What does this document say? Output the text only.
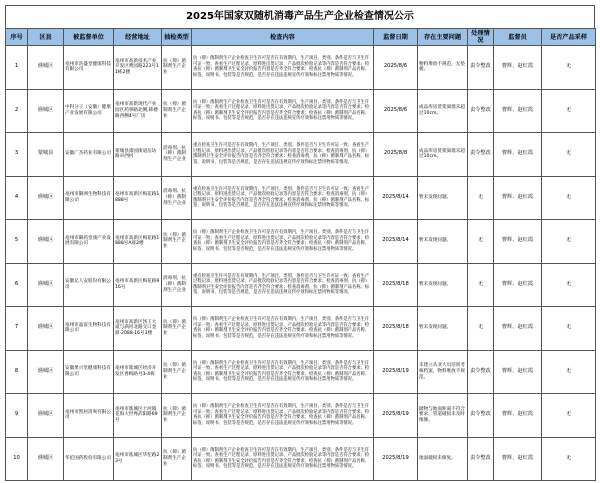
2025年国家双随机消毒产品生产企业检查情况公示
序号	区县	被监督单位	经营地址	抽检类型	检查内容	监督日期	存在主要问题	处理情况	监督员	是否产品采样
1	谯城区	亳州市浩盛堂健康科技有限公司	亳州市高新技术产业开发区曹园路223号11栋2楼	抗（抑）菌制剂生产企业	抗（抑）菌制剂生产企业检查卫生许可是否在有效期内，生产项目、类别、条件是否与卫生许可证一致；查看生产过程记录、原料进出货记录、产品批次检验记录等内容是否符合要求；检查抗（抑）菌制剂卫生安全评价报告内容是否齐全符合要求；检查抗（抑）菌制剂产品名称、标签、说明书、包装等是否规范，是否存在违法违规宣传疗效和标注禁用物质等情况。	2025/8/6	物料堆放不规范，无垫板。	责令整改	曹辉、赵红霞	无
2	谯城区	中科分子（安徽）健康产业发展有限公司	亳州市高新现代产业园区药事路北侧,韩楼路西侧4号厂房	抗（抑）菌制剂生产企业	抗（抑）菌制剂生产企业检查卫生许可是否在有效期内，生产项目、类别、条件是否与卫生许可证一致；查看生产过程记录、原料进出货记录、产品批次检验记录等内容是否符合要求；检查抗（抑）菌制剂卫生安全评价报告内容是否齐全符合要求；检查抗（抑）菌制剂产品名称、标签、说明书、包装等是否规范，是否存在违法违规宣传疗效和标注禁用物质等情况。	2025/8/6	成品库房货架离墙未超过10cm。	责令整改	曹辉、赵红霞	无
3	蒙城县	安徽广杰药业有限公司	蒙城县漆园街道岳坊路卓西村	消毒剂、抗（抑）菌制剂生产企业	重点检查卫生许可是否在有效期内，生产项目、类别、条件是否与卫生许可证一致；查看生产过程记录、原料进出货记录、产品批次检验记录等内容是否符合要求；检查消毒剂、抗（抑）菌制剂卫生安全评价报告内容是否齐全符合要求；检查消毒剂、抗（抑）菌制剂产品名称、标签、说明书、包装等是否规范，是否存在违法违规宣传疗效和标注禁用物质等情况。	2025/8/8	成品库房货架离墙未超过10cm。	责令整改	曹辉、赵红霞	无
4	谯城区	亳州市御洲生物科技有限公司	亳州市高新区梅花路1888号	消毒剂、抗（抑）菌制剂生产企业	重点检查卫生许可是否在有效期内，生产项目、类别、条件是否与卫生许可证一致；查看生产过程记录、原料进出货记录、产品批次检验记录等内容是否符合要求；检查消毒剂、抗（抑）菌制剂卫生安全评价报告内容是否齐全符合要求；检查消毒剂、抗（抑）菌制剂产品名称、标签、说明书、包装等是否规范，是否存在违法违规宣传疗效和标注禁用物质等情况。	2025/8/14	暂未发现问题。	无	曹辉、赵红霞	无
5	谯城区	亳州市御药堂康产业发展有限公司	亳州市高新区梅花路1888号A座2楼	抗（抑）菌制剂生产企业	抗（抑）菌制剂生产企业检查卫生许可是否在有效期内，生产项目、类别、条件是否与卫生许可证一致；查看生产过程记录、原料进出货记录、产品批次检验记录等内容是否符合要求；检查抗（抑）菌制剂卫生安全评价报告内容是否齐全符合要求；检查抗（抑）菌制剂产品名称、标签、说明书、包装等是否规范，是否存在违法违规宣传疗效和标注禁用物质等情况。	2025/8/14	暂未发现问题。	无	曹辉、赵红霞	无
6	谯城区	安徽亿人安股份有限公司	亳州市高新区梅花路916号	消毒剂、抗（抑）菌制剂生产企业	重点检查卫生许可是否在有效期内，生产项目、类别、条件是否与卫生许可证一致；查看生产过程记录、原料进出货记录、产品批次检验记录等内容是否符合要求；检查消毒剂、抗（抑）菌制剂卫生安全评价报告内容是否齐全符合要求；检查消毒剂、抗（抑）菌制剂产品名称、标签、说明书、包装等是否规范，是否存在违法违规宣传疗效和标注禁用物质等情况。	2025/8/18	暂未发现问题。	无	曹辉、赵红霞	无
7	谯城区	亳州市晶富生物科技有限公司	亳州市高新区汤王大道与涡河北路交口金鼎·2088·16号3楼	抗（抑）菌制剂生产企业	抗（抑）菌制剂生产企业检查卫生许可是否在有效期内，生产项目、类别、条件是否与卫生许可证一致；查看生产过程记录、原料进出货记录、产品批次检验记录等内容是否符合要求；检查抗（抑）菌制剂卫生安全评价报告内容是否齐全符合要求；检查抗（抑）菌制剂产品名称、标签、说明书、包装等是否规范，是否存在违法违规宣传疗效和标注禁用物质等情况。	2025/8/18	暂未发现问题。	无	曹辉、赵红霞	无
8	谯城区	安徽果兴堂健康科技有限公司	亳州市谯城区经济开发区香梅路号3-4栋	抗（抑）菌制剂生产企业	抗（抑）菌制剂生产企业检查卫生许可是否在有效期内，生产项目、类别、条件是否与卫生许可证一致；查看生产过程记录、原料进出货记录、产品批次检验记录等内容是否符合要求；检查抗（抑）菌制剂卫生安全评价报告内容是否齐全符合要求；检查抗（抑）菌制剂产品名称、标签、说明书、包装等是否规范，是否存在违法违规宣传疗效和标注禁用物质等情况。	2025/8/19	未建立从业人员培训考核档案，物料堆放不规范。	责令整改	曹辉、赵红霞	无
9	谯城区	亳州市凯居清爽有限公司	亳州市谯城区十河镇花海大世界武阳路69号	抗（抑）菌制剂生产企业	抗（抑）菌制剂生产企业检查卫生许可是否在有效期内，生产项目、类别、条件是否与卫生许可证一致；查看生产过程记录、原料进出货记录、产品批次检验记录等内容是否符合要求；检查抗（抑）菌制剂卫生安全评价报告内容是否齐全符合要求；检查抗（抑）菌制剂产品名称、标签、说明书、包装等是否规范，是否存在违法违规宣传疗效和标注禁用物质等情况。	2025/8/19	储物与地面距离不符合要求，管道破损未及时维修。	责令整改	曹辉、赵红霞	无
10	谯城区	华佗国药股份有限公司	亳州市谯城区华佗路23号	抗（抑）菌制剂生产企业	抗（抑）菌制剂生产企业检查卫生许可是否在有效期内，生产项目、类别、条件是否与卫生许可证一致；查看生产过程记录、原料进出货记录、产品批次检验记录等内容是否符合要求；检查抗（抑）菌制剂卫生安全评价报告内容是否齐全符合要求；检查抗（抑）菌制剂产品名称、标签、说明书、包装等是否规范，是否存在违法违规宣传疗效和标注禁用物质等情况。	2025/8/19	地面破损未修复。	责令整改	曹辉、赵红霞	无
